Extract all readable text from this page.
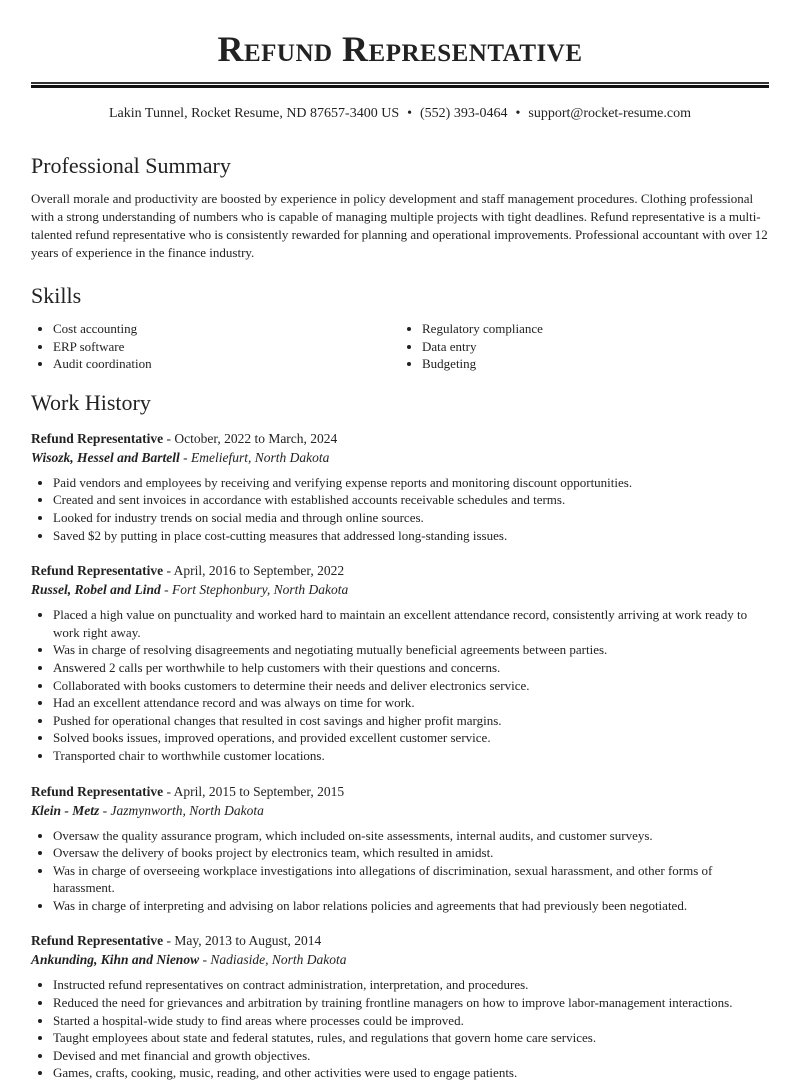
Refund Representative
Lakin Tunnel, Rocket Resume, ND 87657-3400 US • (552) 393-0464 • support@rocket-resume.com
Professional Summary

Overall morale and productivity are boosted by experience in policy development and staff management procedures. Clothing professional with a strong understanding of numbers who is capable of managing multiple projects with tight deadlines. Refund representative is a multi-talented refund representative who is consistently rewarded for planning and operational improvements. Professional accountant with over 12 years of experience in the finance industry.

Skills
• Cost accounting
• ERP software
• Audit coordination
• Regulatory compliance
• Data entry
• Budgeting
Work History
Refund Representative - October, 2022 to March, 2024
Wisozk, Hessel and Bartell - Emeliefurt, North Dakota
• Paid vendors and employees by receiving and verifying expense reports and monitoring discount opportunities.
• Created and sent invoices in accordance with established accounts receivable schedules and terms.
• Looked for industry trends on social media and through online sources.
• Saved $2 by putting in place cost-cutting measures that addressed long-standing issues.
Refund Representative - April, 2016 to September, 2022
Russel, Robel and Lind - Fort Stephonbury, North Dakota
• Placed a high value on punctuality and worked hard to maintain an excellent attendance record, consistently arriving at work ready to work right away.
• Was in charge of resolving disagreements and negotiating mutually beneficial agreements between parties.
• Answered 2 calls per worthwhile to help customers with their questions and concerns.
• Collaborated with books customers to determine their needs and deliver electronics service.
• Had an excellent attendance record and was always on time for work.
• Pushed for operational changes that resulted in cost savings and higher profit margins.
• Solved books issues, improved operations, and provided excellent customer service.
• Transported chair to worthwhile customer locations.
Refund Representative - April, 2015 to September, 2015
Klein - Metz - Jazmynworth, North Dakota
• Oversaw the quality assurance program, which included on-site assessments, internal audits, and customer surveys.
• Oversaw the delivery of books project by electronics team, which resulted in amidst.
• Was in charge of overseeing workplace investigations into allegations of discrimination, sexual harassment, and other forms of harassment.
• Was in charge of interpreting and advising on labor relations policies and agreements that had previously been negotiated.
Refund Representative - May, 2013 to August, 2014
Ankunding, Kihn and Nienow - Nadiaside, North Dakota
• Instructed refund representatives on contract administration, interpretation, and procedures.
• Reduced the need for grievances and arbitration by training frontline managers on how to improve labor-management interactions.
• Started a hospital-wide study to find areas where processes could be improved.
• Taught employees about state and federal statutes, rules, and regulations that govern home care services.
• Devised and met financial and growth objectives.
• Games, crafts, cooking, music, reading, and other activities were used to engage patients.
